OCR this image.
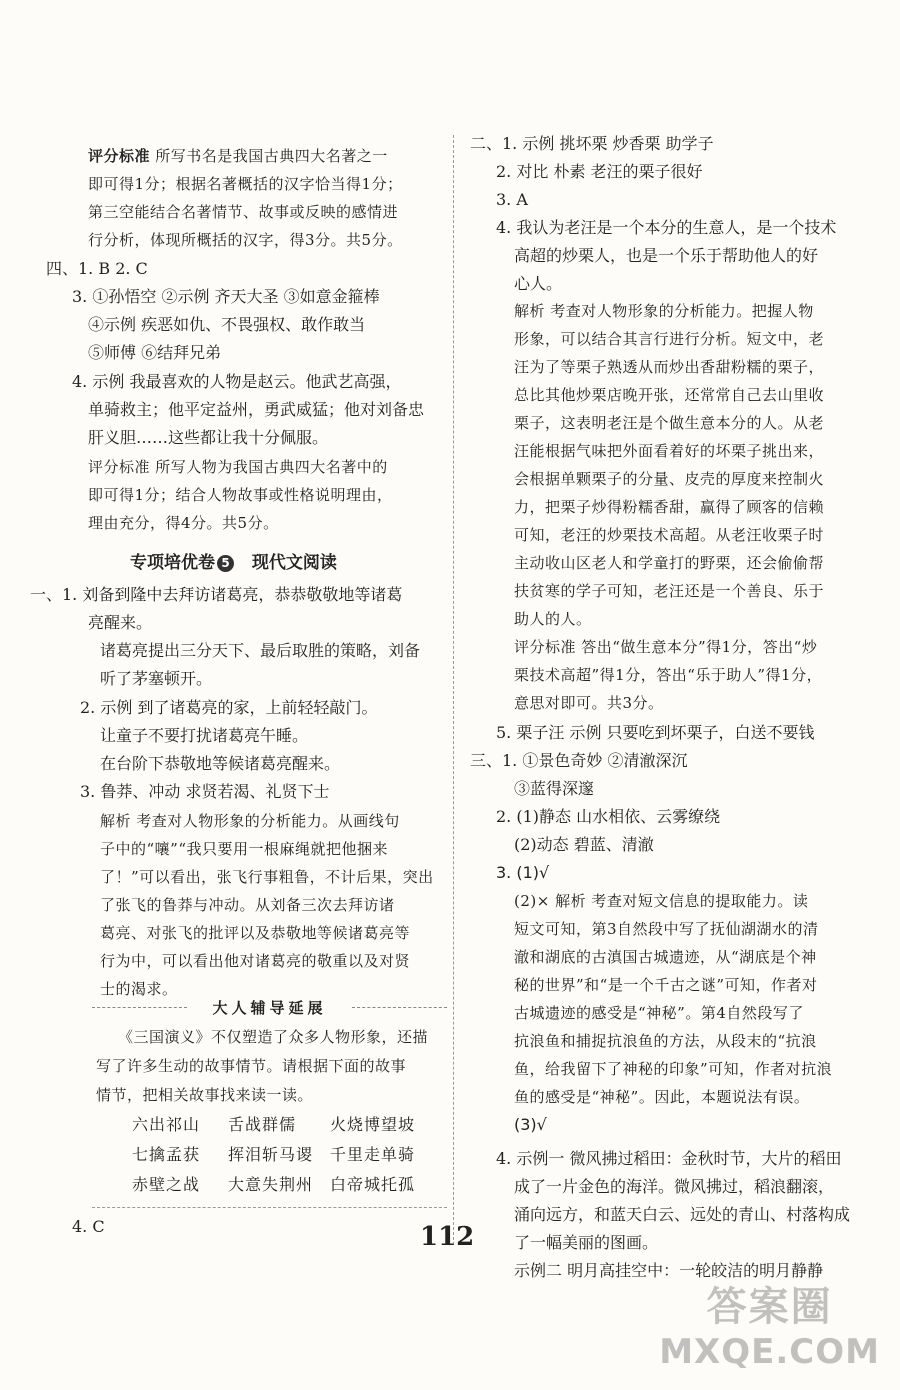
评分标准 所写书名是我国古典四大名著之一
即可得1分；根据名著概括的汉字恰当得1分；
第三空能结合名著情节、故事或反映的感情进
行分析，体现所概括的汉字，得3分。共5分。
四、1. B 2. C
3. ①孙悟空 ②示例 齐天大圣 ③如意金箍棒
④示例 疾恶如仇、不畏强权、敢作敢当
⑤师傅 ⑥结拜兄弟
4. 示例 我最喜欢的人物是赵云。他武艺高强，
单骑救主；他平定益州，勇武威猛；他对刘备忠
肝义胆……这些都让我十分佩服。
评分标准 所写人物为我国古典四大名著中的
即可得1分；结合人物故事或性格说明理由，
理由充分，得4分。共5分。
专项培优卷 5 现代文阅读
一、1. 刘备到隆中去拜访诸葛亮，恭恭敬敬地等诸葛
亮醒来。
诸葛亮提出三分天下、最后取胜的策略，刘备
听了茅塞顿开。
2. 示例 到了诸葛亮的家，上前轻轻敲门。
让童子不要打扰诸葛亮午睡。
在台阶下恭敬地等候诸葛亮醒来。
3. 鲁莽、冲动 求贤若渴、礼贤下士
解析 考查对人物形象的分析能力。从画线句
子中的“嚷”“我只要用一根麻绳就把他捆来
了！”可以看出，张飞行事粗鲁，不计后果，突出
了张飞的鲁莽与冲动。从刘备三次去拜访诸
葛亮、对张飞的批评以及恭敬地等候诸葛亮等
行为中，可以看出他对诸葛亮的敬重以及对贤
士的渴求。
大人辅导延展
《三国演义》不仅塑造了众多人物形象，还描
写了许多生动的故事情节。请根据下面的故事
情节，把相关故事找来读一读。
六出祁山 舌战群儒 火烧博望坡
七擒孟获 挥泪斩马谡 千里走单骑
赤壁之战 大意失荆州 白帝城托孤
4. C
二、1. 示例 挑坏栗 炒香栗 助学子
2. 对比 朴素 老汪的栗子很好
3. A
4. 我认为老汪是一个本分的生意人，是一个技术
高超的炒栗人，也是一个乐于帮助他人的好
心人。
解析 考查对人物形象的分析能力。把握人物
形象，可以结合其言行进行分析。短文中，老
汪为了等栗子熟透从而炒出香甜粉糯的栗子，
总比其他炒栗店晚开张，还常常自己去山里收
栗子，这表明老汪是个做生意本分的人。从老
汪能根据气味把外面看着好的坏栗子挑出来，
会根据单颗栗子的分量、皮壳的厚度来控制火
力，把栗子炒得粉糯香甜，赢得了顾客的信赖
可知，老汪的炒栗技术高超。从老汪收栗子时
主动收山区老人和学童打的野栗，还会偷偷帮
扶贫寒的学子可知，老汪还是一个善良、乐于
助人的人。
评分标准 答出“做生意本分”得1分，答出“炒
栗技术高超”得1分，答出“乐于助人”得1分，
意思对即可。共3分。
5. 栗子汪 示例 只要吃到坏栗子，白送不要钱
三、1. ①景色奇妙 ②清澈深沉
③蓝得深邃
2. (1)静态 山水相依、云雾缭绕
(2)动态 碧蓝、清澈
3. (1)√
(2)× 解析 考查对短文信息的提取能力。读
短文可知，第3自然段中写了抚仙湖湖水的清
澈和湖底的古滇国古城遗迹，从“湖底是个神
秘的世界”和“是一个千古之谜”可知，作者对
古城遗迹的感受是“神秘”。第4自然段写了
抗浪鱼和捕捉抗浪鱼的方法，从段末的“抗浪
鱼，给我留下了神秘的印象”可知，作者对抗浪
鱼的感受是“神秘”。因此，本题说法有误。
(3)√
4. 示例一 微风拂过稻田：金秋时节，大片的稻田
成了一片金色的海洋。微风拂过，稻浪翻滚，
涌向远方，和蓝天白云、远处的青山、村落构成
了一幅美丽的图画。
示例二 明月高挂空中：一轮皎洁的明月静静
112
答案圈
MXQE.COM
